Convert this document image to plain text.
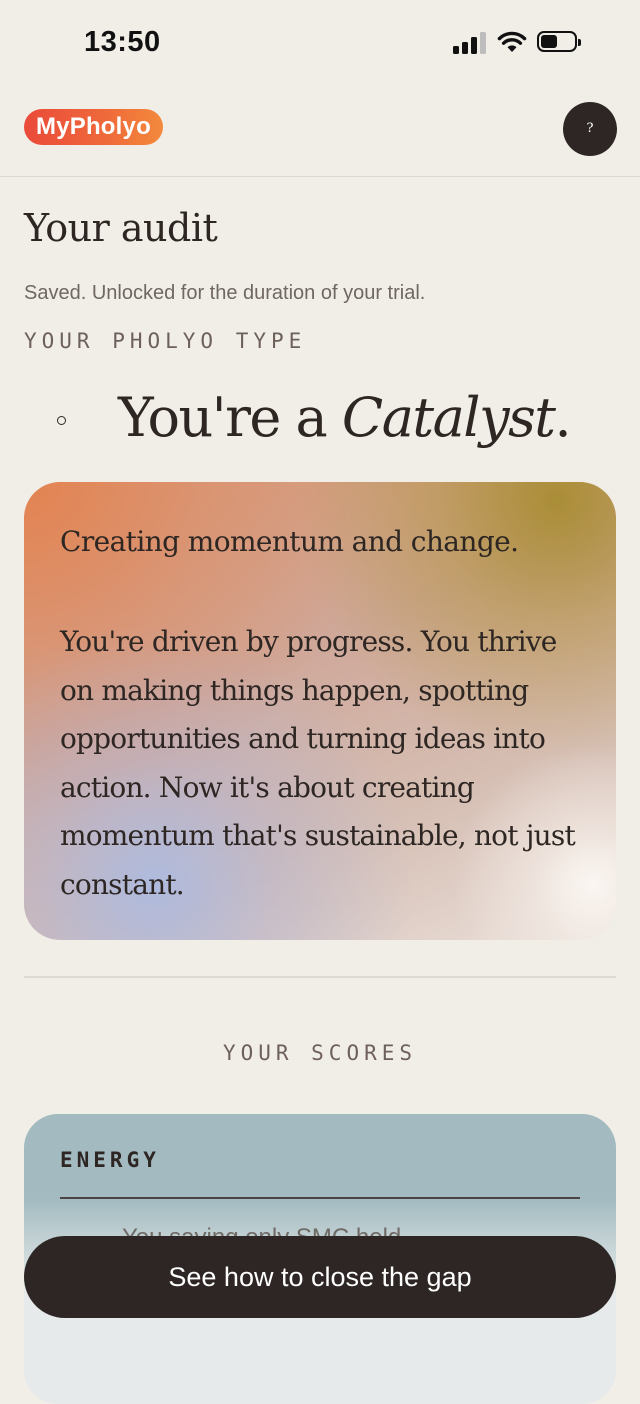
13:50
MyPholyo	?
Your audit
Saved. Unlocked for the duration of your trial.
YOUR PHOLYO TYPE
You're a Catalyst.
Creating momentum and change.
You're driven by progress. You thrive on making things happen, spotting opportunities and turning ideas into action. Now it's about creating momentum that's sustainable, not just constant.
YOUR SCORES
ENERGY
See how to close the gap
